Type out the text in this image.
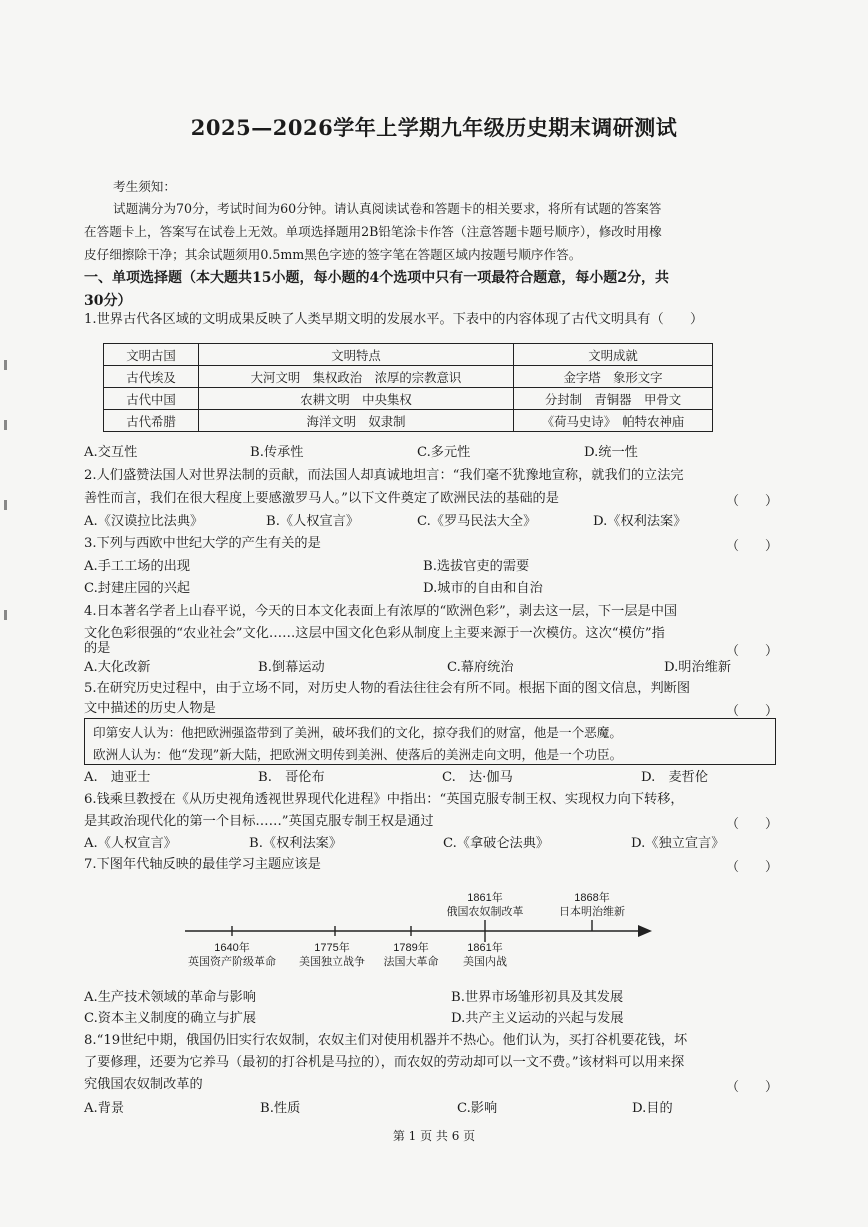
2025—2026学年上学期九年级历史期末调研测试
考生须知：
试题满分为70分，考试时间为60分钟。请认真阅读试卷和答题卡的相关要求，将所有试题的答案答
在答题卡上，答案写在试卷上无效。单项选择题用2B铅笔涂卡作答（注意答题卡题号顺序），修改时用橡
皮仔细擦除干净；其余试题须用0.5mm黑色字迹的签字笔在答题区域内按题号顺序作答。
一、单项选择题（本大题共15小题，每小题的4个选项中只有一项最符合题意，每小题2分，共
30分）
1.世界古代各区域的文明成果反映了人类早期文明的发展水平。下表中的内容体现了古代文明具有（　　）
文明古国	文明特点	文明成就
古代埃及	大河文明　集权政治　浓厚的宗教意识	金字塔　象形文字
古代中国	农耕文明　中央集权	分封制　青铜器　甲骨文
古代希腊	海洋文明　奴隶制	《荷马史诗》　帕特农神庙
A.交互性	B.传承性	C.多元性	D.统一性
2.人们盛赞法国人对世界法制的贡献，而法国人却真诚地坦言：“我们毫不犹豫地宣称，就我们的立法完
善性而言，我们在很大程度上要感激罗马人。”以下文件奠定了欧洲民法的基础的是	（　　）
A.《汉谟拉比法典》	B.《人权宣言》	C.《罗马民法大全》	D.《权利法案》
3.下列与西欧中世纪大学的产生有关的是	（　　）
A.手工工场的出现	B.选拔官吏的需要
C.封建庄园的兴起	D.城市的自由和自治
4.日本著名学者上山春平说，今天的日本文化表面上有浓厚的“欧洲色彩”，剥去这一层，下一层是中国
文化色彩很强的“农业社会”文化……这层中国文化色彩从制度上主要来源于一次模仿。这次“模仿”指
的是	（　　）
A.大化改新	B.倒幕运动	C.幕府统治	D.明治维新
5.在研究历史过程中，由于立场不同，对历史人物的看法往往会有所不同。根据下面的图文信息，判断图
文中描述的历史人物是	（　　）
印第安人认为：他把欧洲强盗带到了美洲，破坏我们的文化，掠夺我们的财富，他是一个恶魔。
欧洲人认为：他“发现”新大陆，把欧洲文明传到美洲、使落后的美洲走向文明，他是一个功臣。
A.　迪亚士	B.　哥伦布	C.　达·伽马	D.　麦哲伦
6.钱乘旦教授在《从历史视角透视世界现代化进程》中指出：“英国克服专制王权、实现权力向下转移，
是其政治现代化的第一个目标……”英国克服专制王权是通过	（　　）
A.《人权宣言》	B.《权利法案》	C.《拿破仑法典》	D.《独立宣言》
7.下图年代轴反映的最佳学习主题应该是	（　　）
1861年
俄国农奴制改革
1868年
日本明治维新
1640年
英国资产阶级革命
1775年
美国独立战争
1789年
法国大革命
1861年
美国内战
A.生产技术领域的革命与影响	B.世界市场雏形初具及其发展
C.资本主义制度的确立与扩展	D.共产主义运动的兴起与发展
8.“19世纪中期，俄国仍旧实行农奴制，农奴主们对使用机器并不热心。他们认为，买打谷机要花钱，坏
了要修理，还要为它养马（最初的打谷机是马拉的），而农奴的劳动却可以一文不费。”该材料可以用来探
究俄国农奴制改革的	（　　）
A.背景	B.性质	C.影响	D.目的
第 1 页 共 6 页
